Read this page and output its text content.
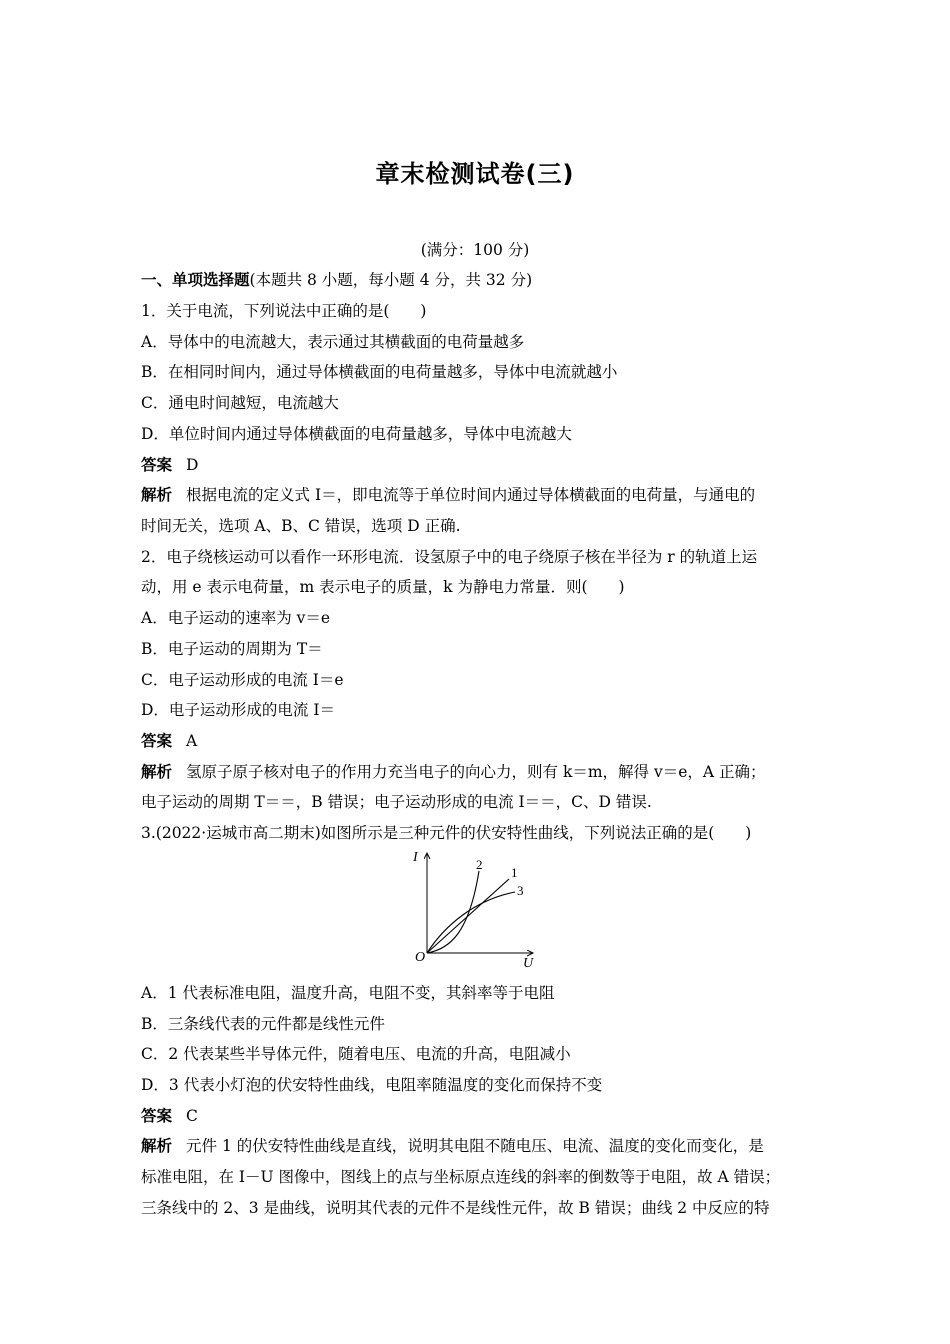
章末检测试卷(三)
(满分：100 分)
一、单项选择题(本题共 8 小题，每小题 4 分，共 32 分)
1．关于电流，下列说法中正确的是(　　)
A．导体中的电流越大，表示通过其横截面的电荷量越多
B．在相同时间内，通过导体横截面的电荷量越多，导体中电流就越小
C．通电时间越短，电流越大
D．单位时间内通过导体横截面的电荷量越多，导体中电流越大
答案 D
解析 根据电流的定义式 I＝，即电流等于单位时间内通过导体横截面的电荷量，与通电的
时间无关，选项 A、B、C 错误，选项 D 正确.
2．电子绕核运动可以看作一环形电流．设氢原子中的电子绕原子核在半径为 r 的轨道上运
动，用 e 表示电荷量，m 表示电子的质量，k 为静电力常量．则(　　)
A．电子运动的速率为 v＝e
B．电子运动的周期为 T＝
C．电子运动形成的电流 I＝e
D．电子运动形成的电流 I＝
答案 A
解析 氢原子原子核对电子的作用力充当电子的向心力，则有 k＝m，解得 v＝e，A 正确；
电子运动的周期 T＝＝，B 错误；电子运动形成的电流 I＝＝，C、D 错误.
3.(2022·运城市高二期末)如图所示是三种元件的伏安特性曲线，下列说法正确的是(　　)
I
U
O
2
1
3
A．1 代表标准电阻，温度升高，电阻不变，其斜率等于电阻
B．三条线代表的元件都是线性元件
C．2 代表某些半导体元件，随着电压、电流的升高，电阻减小
D．3 代表小灯泡的伏安特性曲线，电阻率随温度的变化而保持不变
答案 C
解析 元件 1 的伏安特性曲线是直线，说明其电阻不随电压、电流、温度的变化而变化，是
标准电阻，在 I－U 图像中，图线上的点与坐标原点连线的斜率的倒数等于电阻，故 A 错误；
三条线中的 2、3 是曲线，说明其代表的元件不是线性元件，故 B 错误；曲线 2 中反应的特
